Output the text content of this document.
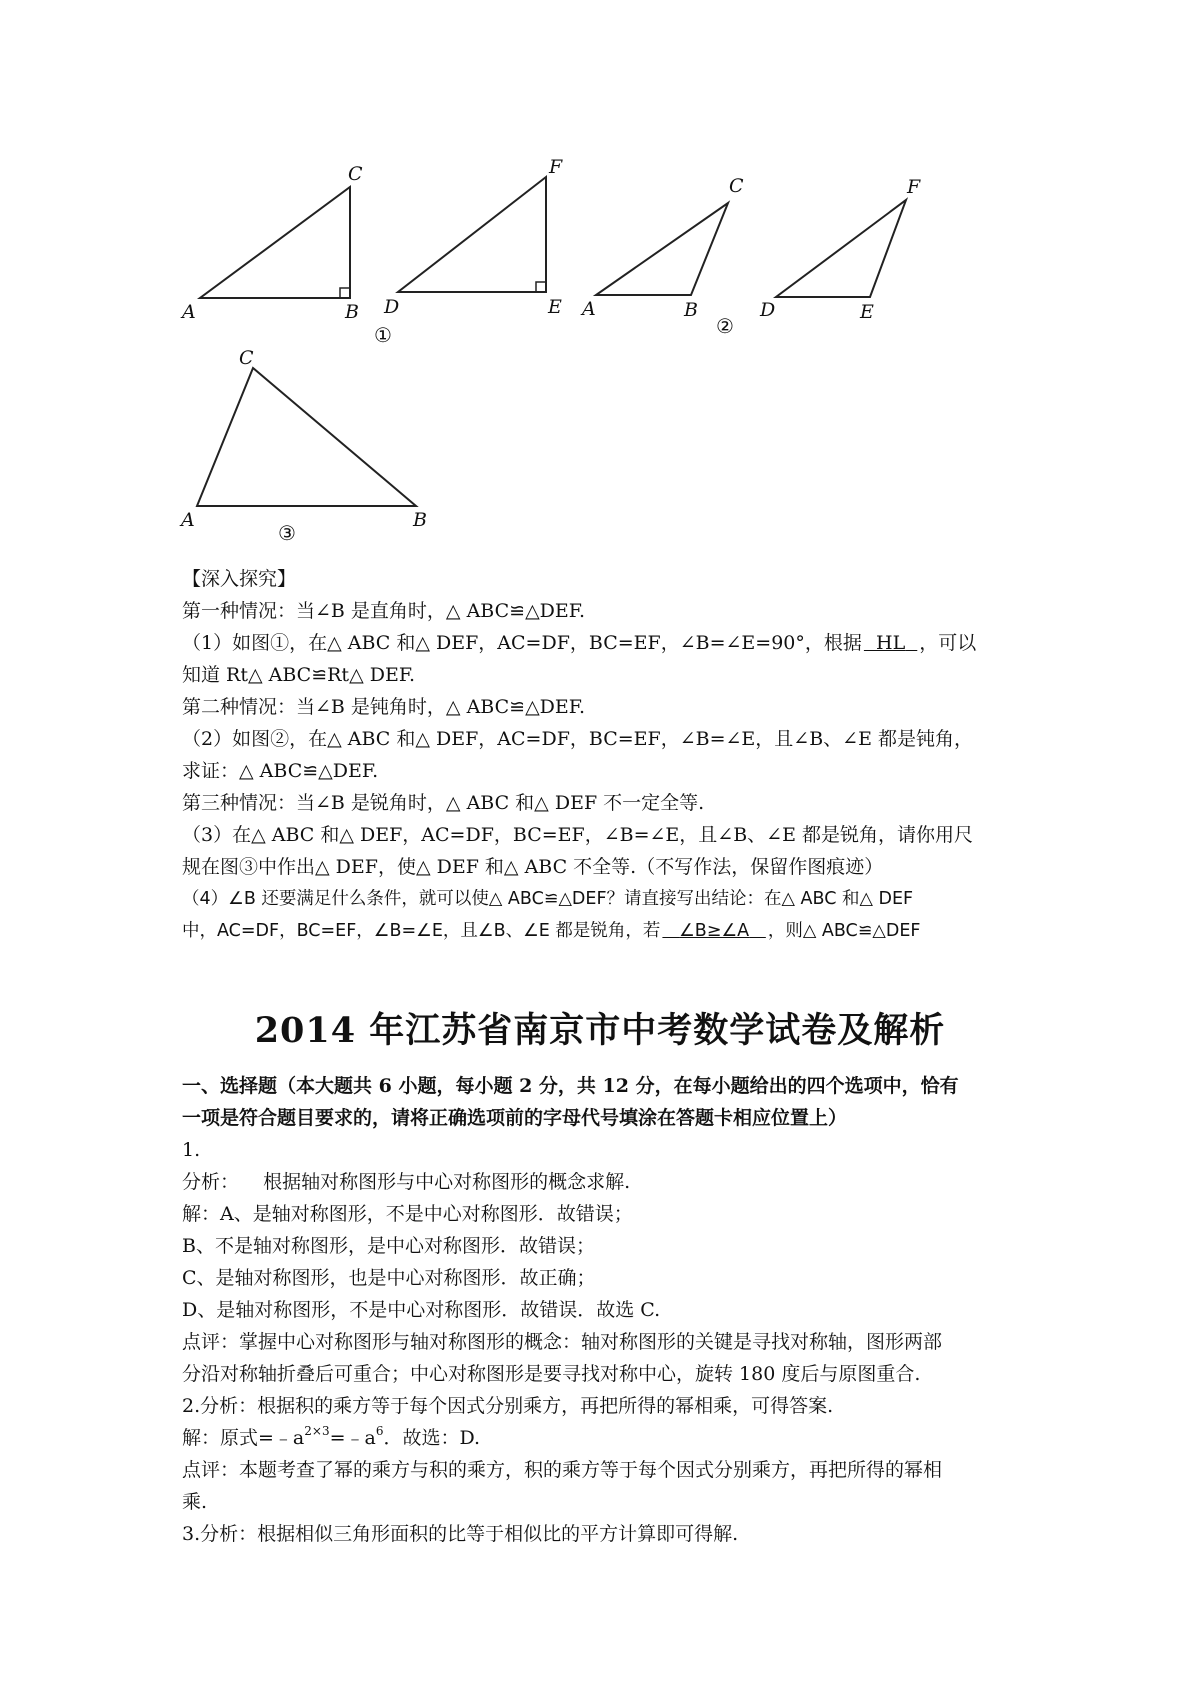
A	B
C
D	E
F
①
A	B
C
D	E
F
②
A	B
C
③

【深入探究】

第一种情况：当∠B 是直角时，△ ABC≌△DEF.

（1）如图①，在△ ABC 和△ DEF，AC=DF，BC=EF，∠B=∠E=90°，根据 HL ，可以

知道 Rt△ ABC≌Rt△ DEF.

第二种情况：当∠B 是钝角时，△ ABC≌△DEF.

（2）如图②，在△ ABC 和△ DEF，AC=DF，BC=EF，∠B=∠E，且∠B、∠E 都是钝角，

求证：△ ABC≌△DEF.

第三种情况：当∠B 是锐角时，△ ABC 和△ DEF 不一定全等.

（3）在△ ABC 和△ DEF，AC=DF，BC=EF，∠B=∠E，且∠B、∠E 都是锐角，请你用尺

规在图③中作出△ DEF，使△ DEF 和△ ABC 不全等.（不写作法，保留作图痕迹）

（4）∠B 还要满足什么条件，就可以使△ ABC≌△DEF？请直接写出结论：在△ ABC 和△ DEF

中，AC=DF，BC=EF，∠B=∠E，且∠B、∠E 都是锐角，若 ∠B≥∠A ，则△ ABC≌△DEF

2014 年江苏省南京市中考数学试卷及解析

一、选择题（本大题共 6 小题，每小题 2 分，共 12 分，在每小题给出的四个选项中，恰有

一项是符合题目要求的，请将正确选项前的字母代号填涂在答题卡相应位置上）

1.

分析：    根据轴对称图形与中心对称图形的概念求解.

解：A、是轴对称图形，不是中心对称图形．故错误；

B、不是轴对称图形，是中心对称图形．故错误；

C、是轴对称图形，也是中心对称图形．故正确；

D、是轴对称图形，不是中心对称图形．故错误．故选 C.

点评：掌握中心对称图形与轴对称图形的概念：轴对称图形的关键是寻找对称轴，图形两部

分沿对称轴折叠后可重合；中心对称图形是要寻找对称中心，旋转 180 度后与原图重合.

2.分析：根据积的乘方等于每个因式分别乘方，再把所得的幂相乘，可得答案.

解：原式$=﹣a^{2\times 3}=﹣a^6$．故选：D.

点评：本题考查了幂的乘方与积的乘方，积的乘方等于每个因式分别乘方，再把所得的幂相

乘.

3.分析：根据相似三角形面积的比等于相似比的平方计算即可得解.
